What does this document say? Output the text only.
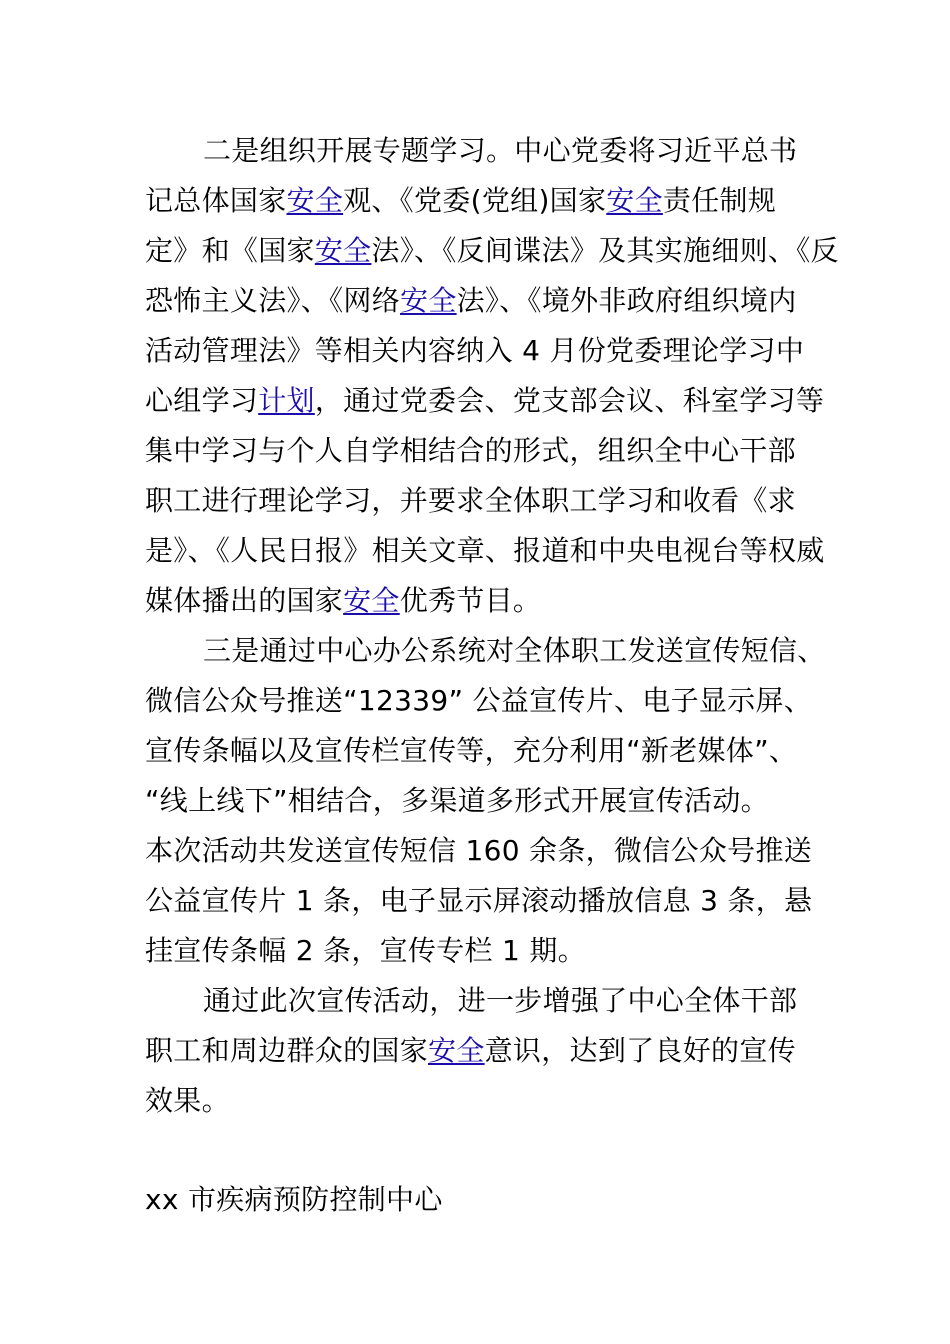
二是组织开展专题学习。中心党委将习近平总书
记总体国家安全观、《党委(党组)国家安全责任制规
定》和《国家安全法》、《反间谍法》及其实施细则、《反
恐怖主义法》、《网络安全法》、《境外非政府组织境内
活动管理法》等相关内容纳入 4 月份党委理论学习中
心组学习计划，通过党委会、党支部会议、科室学习等
集中学习与个人自学相结合的形式，组织全中心干部
职工进行理论学习，并要求全体职工学习和收看《求
是》、《人民日报》相关文章、报道和中央电视台等权威
媒体播出的国家安全优秀节目。
三是通过中心办公系统对全体职工发送宣传短信、
微信公众号推送“12339” 公益宣传片、电子显示屏、
宣传条幅以及宣传栏宣传等，充分利用“新老媒体”、
“线上线下”相结合，多渠道多形式开展宣传活动。
本次活动共发送宣传短信 160 余条，微信公众号推送
公益宣传片 1 条，电子显示屏滚动播放信息 3 条，悬
挂宣传条幅 2 条，宣传专栏 1 期。
通过此次宣传活动，进一步增强了中心全体干部
职工和周边群众的国家安全意识，达到了良好的宣传
效果。
xx 市疾病预防控制中心
